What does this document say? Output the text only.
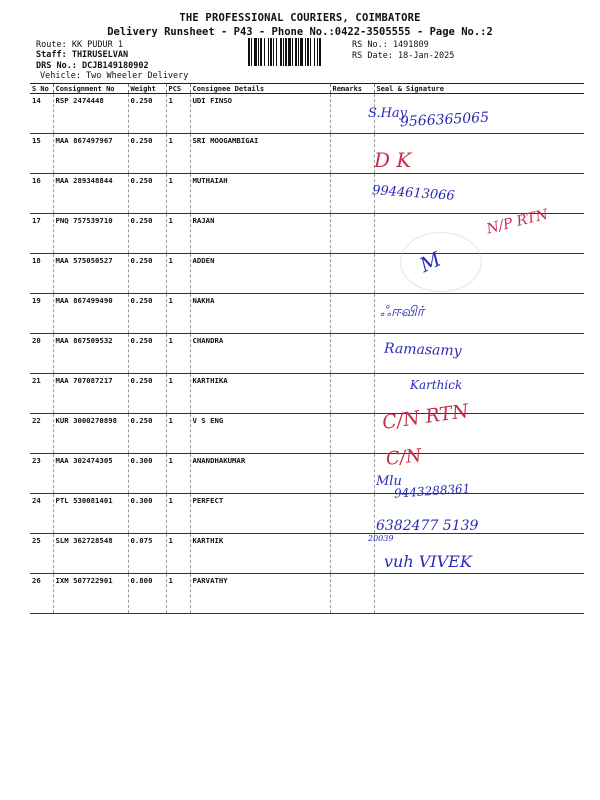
THE PROFESSIONAL COURIERS, COIMBATORE
Delivery Runsheet - P43 - Phone No.:0422-3505555 - Page No.:2
Route: KK PUDUR 1
Staff: THIRUSELVAN
DRS No.: DCJB149180902
Vehicle: Two Wheeler Delivery
RS No.: 1491809
RS Date: 18-Jan-2025
S No	Consignment No	Weight	PCS	Consignee Details	Remarks	Seal & Signature
14	RSP 2474448	0.250	1	UDI FINSO		
15	MAA 867497967	0.250	1	SRI MOOGAMBIGAI		
16	MAA 289348844	0.250	1	MUTHAIAH		
17	PNQ 757539710	0.250	1	RAJAN		
18	MAA 575050527	0.250	1	ADDEN		
19	MAA 867499490	0.250	1	NAKHA		
20	MAA 867509532	0.250	1	CHANDRA		
21	MAA 707087217	0.250	1	KARTHIKA		
22	KUR 3000270898	0.250	1	V S ENG		
23	MAA 302474305	0.300	1	ANANDHAKUMAR		
24	PTL 530081401	0.300	1	PERFECT		
25	SLM 362728548	0.075	1	KARTHIK		
26	IXM 507722901	0.800	1	PARVATHY		
S.Hay
9566365065
D K
9944613066
N/P RTN
M
ஃஈவிர்
Ramasamy
Karthick
C/N RTN
C/N
Mlu
9443288361
6382477 5139
20039
vuh VIVEK
